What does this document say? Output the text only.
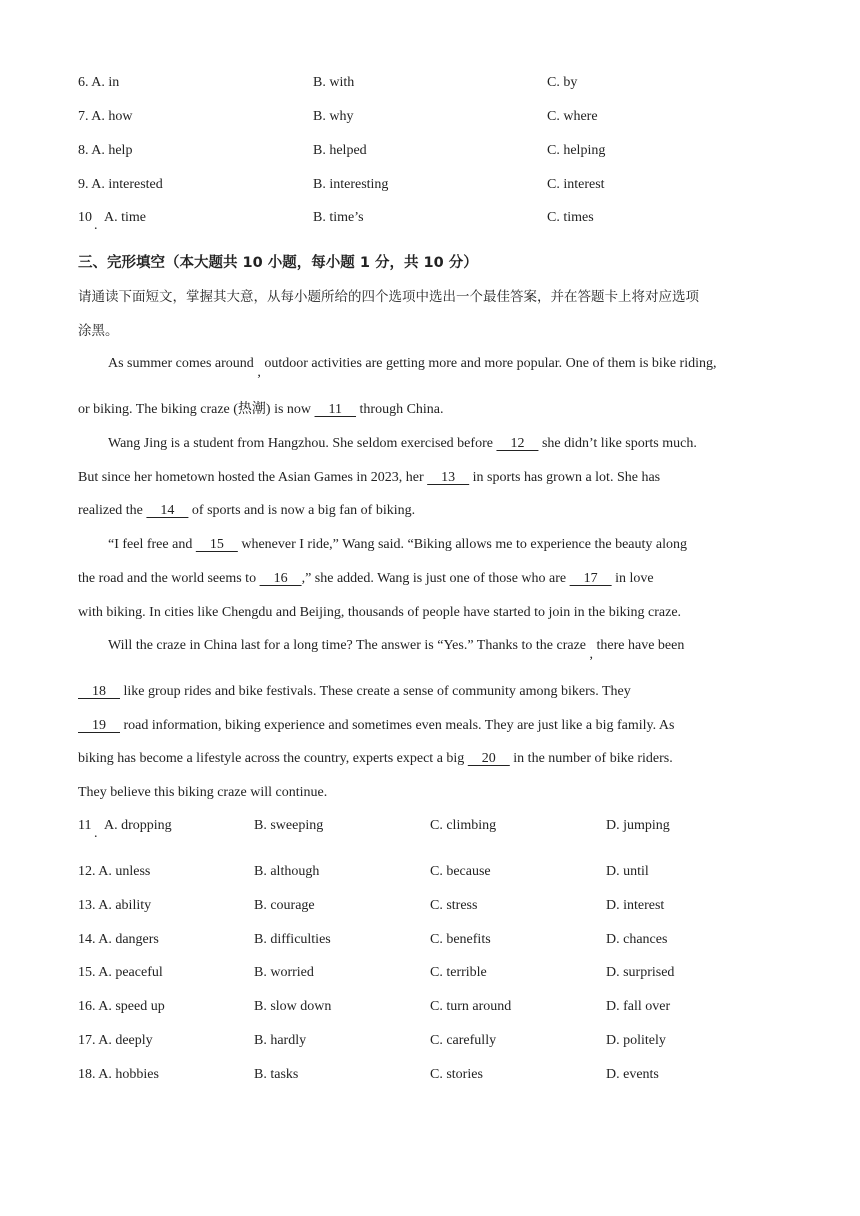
6. A. in	B. with	C. by
7. A. how	B. why	C. where
8. A. help	B. helped	C. helping
9. A. interested	B. interesting	C. interest
10
.
A. time	B. time’s	C. times
三、完形填空（本大题共 10 小题，每小题 1 分，共 10 分）
请通读下面短文，掌握其大意，从每小题所给的四个选项中选出一个最佳答案，并在答题卡上将对应选项
涂黑。
As summer comes around , outdoor activities are getting more and more popular. One of them is bike riding,
or biking. The biking craze (热潮) is now     11     through China.
Wang Jing is a student from Hangzhou. She seldom exercised before     12     she didn’t like sports much.
But since her hometown hosted the Asian Games in 2023, her     13     in sports has grown a lot. She has
realized the     14     of sports and is now a big fan of biking.
“I feel free and     15     whenever I ride,” Wang said. “Biking allows me to experience the beauty along
the road and the world seems to     16    ,” she added. Wang is just one of those who are     17     in love
with biking. In cities like Chengdu and Beijing, thousands of people have started to join in the biking craze.
Will the craze in China last for a long time? The answer is “Yes.” Thanks to the craze , there have been
18     like group rides and bike festivals. These create a sense of community among bikers. They
19     road information, biking experience and sometimes even meals. They are just like a big family. As
biking has become a lifestyle across the country, experts expect a big     20     in the number of bike riders.
They believe this biking craze will continue.
11
.
A. dropping	B. sweeping	C. climbing	D. jumping
12. A. unless	B. although	C. because	D. until
13. A. ability	B. courage	C. stress	D. interest
14. A. dangers	B. difficulties	C. benefits	D. chances
15. A. peaceful	B. worried	C. terrible	D. surprised
16. A. speed up	B. slow down	C. turn around	D. fall over
17. A. deeply	B. hardly	C. carefully	D. politely
18. A. hobbies	B. tasks	C. stories	D. events
